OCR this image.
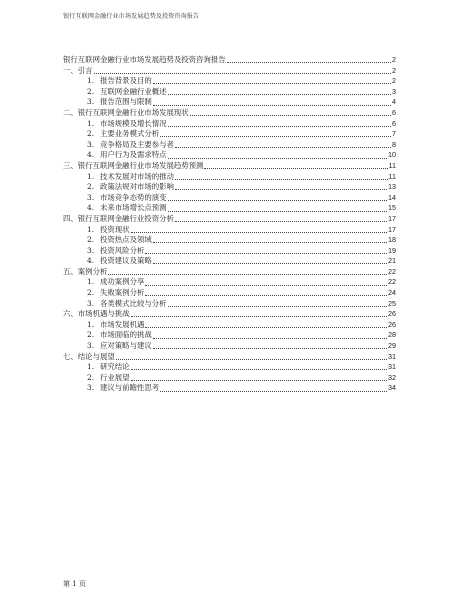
银行互联网金融行业市场发展趋势及投资咨询报告
银行互联网金融行业市场发展趋势及投资咨询报告	2
一、引言	2
1. 报告背景及目的	2
2. 互联网金融行业概述	3
3. 报告范围与限制	4
二、银行互联网金融行业市场发展现状	6
1. 市场规模及增长情况	6
2. 主要业务模式分析	7
3. 竞争格局及主要参与者	8
4. 用户行为及需求特点	10
三、银行互联网金融行业市场发展趋势预测	11
1. 技术发展对市场的推动	11
2. 政策法规对市场的影响	13
3. 市场竞争态势的演变	14
4. 未来市场增长点预测	15
四、银行互联网金融行业投资分析	17
1. 投资现状	17
2. 投资热点及领域	18
3. 投资风险分析	19
4. 投资建议及策略	21
五、案例分析	22
1. 成功案例分享	22
2. 失败案例分析	24
3. 各类模式比较与分析	25
六、市场机遇与挑战	26
1. 市场发展机遇	26
2. 市场面临的挑战	28
3. 应对策略与建议	29
七、结论与展望	31
1. 研究结论	31
2. 行业展望	32
3. 建议与前瞻性思考	34
第 1 页
